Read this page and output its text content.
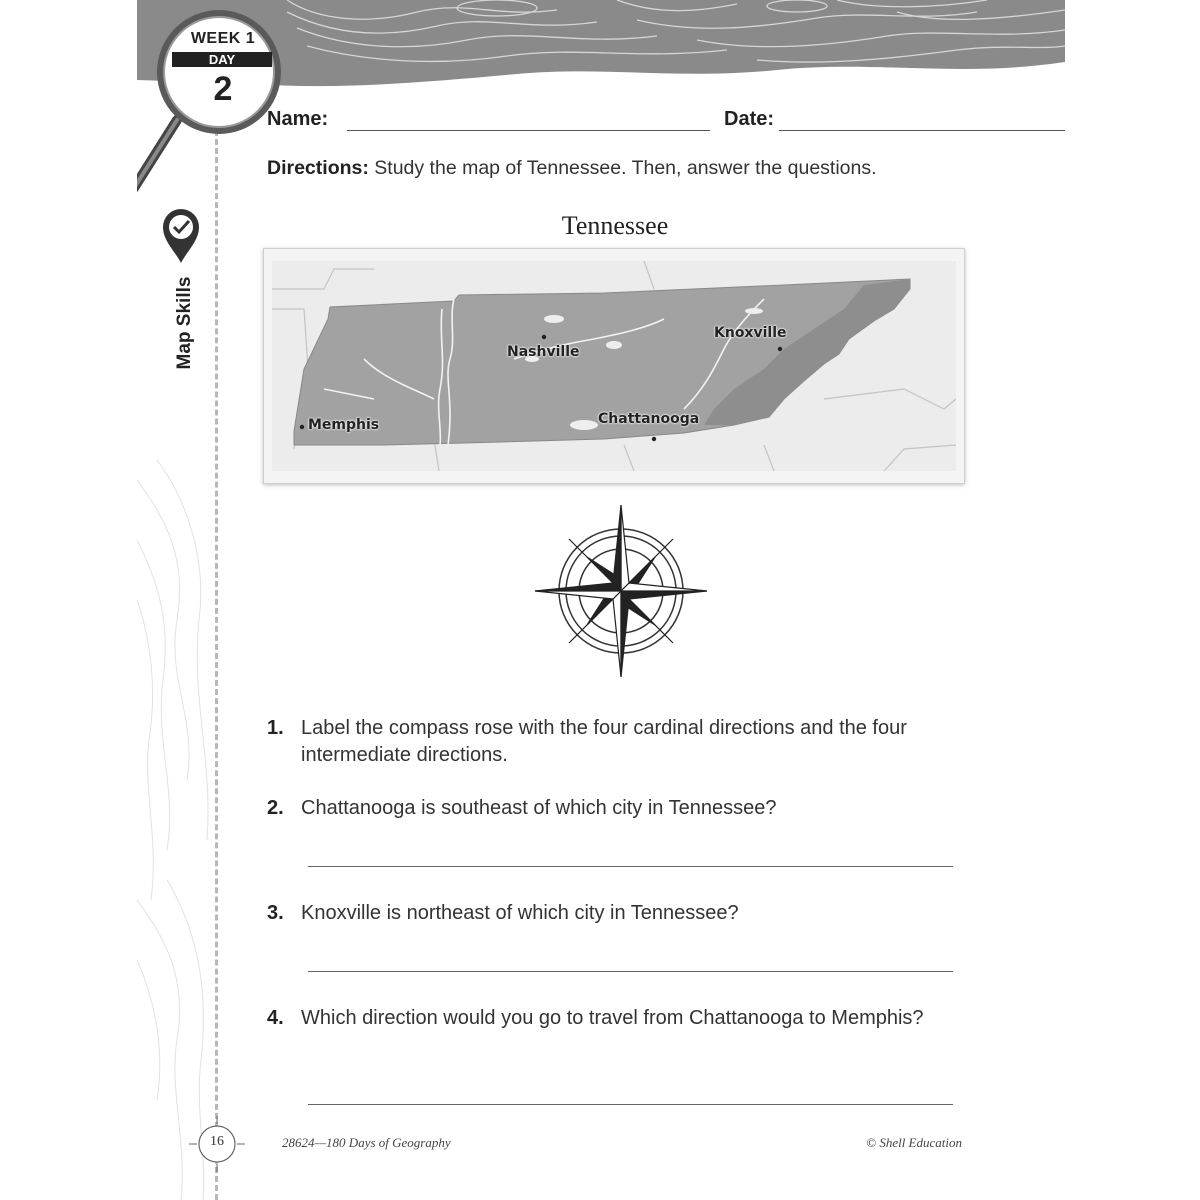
WEEK 1
DAY
2
Map Skills
Name:	Date:
Directions: Study the map of Tennessee. Then, answer the questions.
Tennessee
Nashville
Knoxville
Memphis	Chattanooga
1. Label the compass rose with the four cardinal directions and the four intermediate directions.
2. Chattanooga is southeast of which city in Tennessee?
3. Knoxville is northeast of which city in Tennessee?
4. Which direction would you go to travel from Chattanooga to Memphis?
16	28624—180 Days of Geography	© Shell Education
